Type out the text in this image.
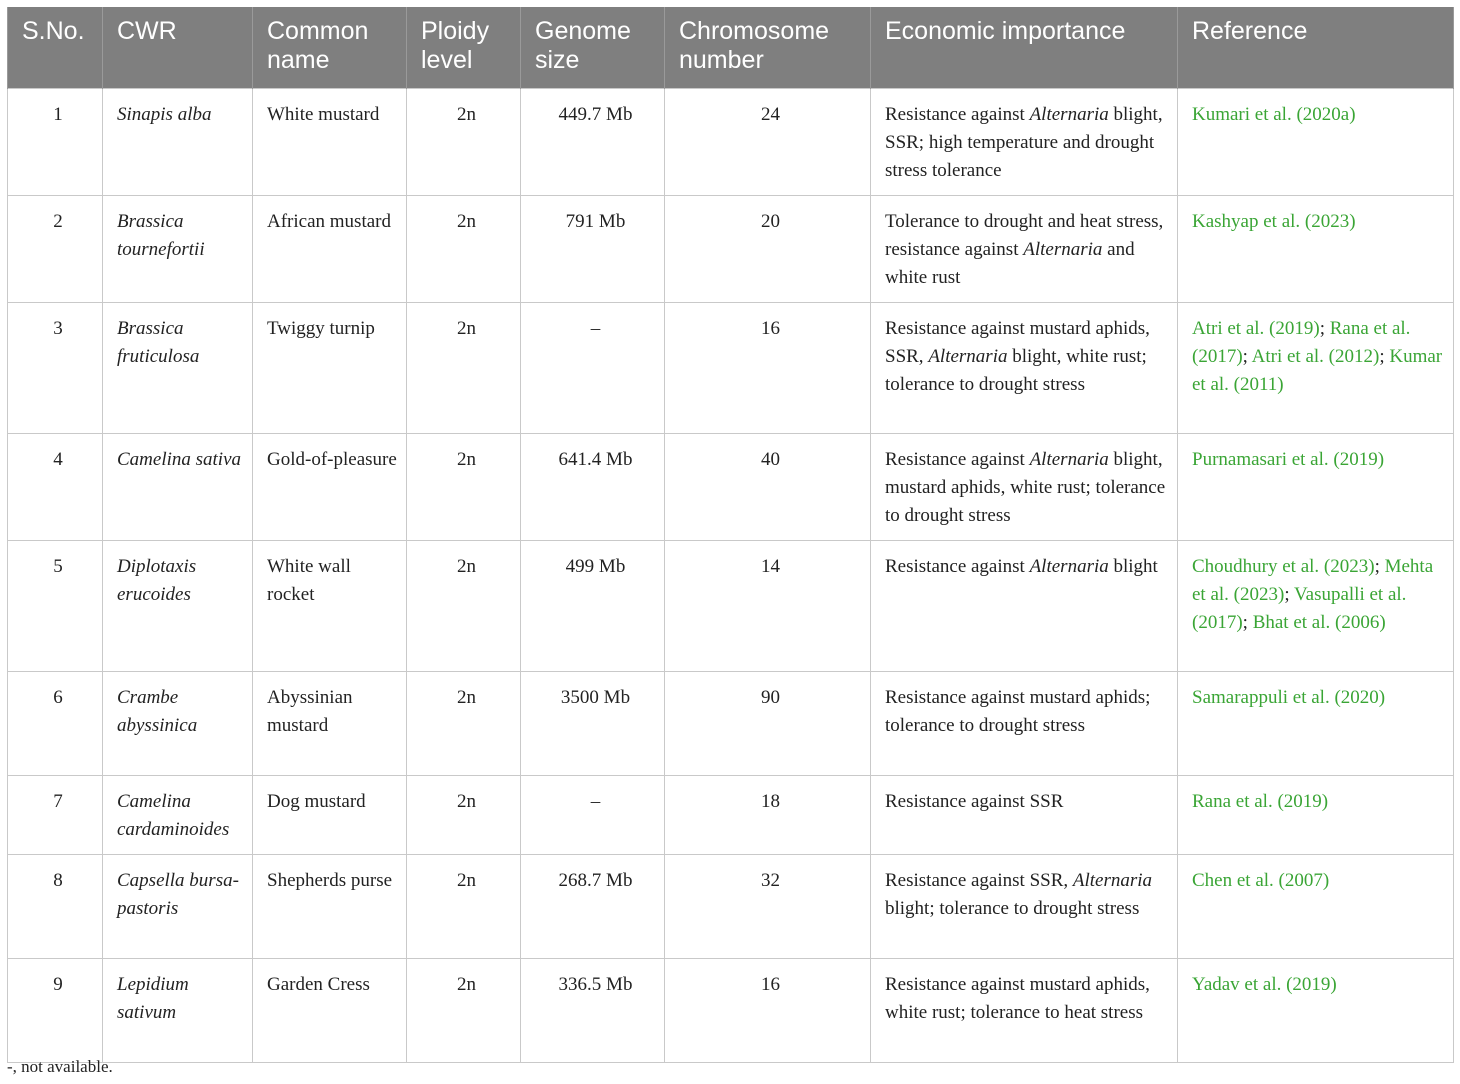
S.No.	CWR	Common name	Ploidy level	Genome size	Chromosome number	Economic importance	Reference
1	Sinapis alba	White mustard	2n	449.7 Mb	24	Resistance against Alternaria blight, SSR; high temperature and drought stress tolerance	Kumari et al. (2020a)
2	Brassica tournefortii	African mustard	2n	791 Mb	20	Tolerance to drought and heat stress, resistance against Alternaria and white rust	Kashyap et al. (2023)
3	Brassica fruticulosa	Twiggy turnip	2n	–	16	Resistance against mustard aphids, SSR, Alternaria blight, white rust; tolerance to drought stress	Atri et al. (2019); Rana et al. (2017); Atri et al. (2012); Kumar et al. (2011)
4	Camelina sativa	Gold-of-pleasure	2n	641.4 Mb	40	Resistance against Alternaria blight, mustard aphids, white rust; tolerance to drought stress	Purnamasari et al. (2019)
5	Diplotaxis erucoides	White wall rocket	2n	499 Mb	14	Resistance against Alternaria blight	Choudhury et al. (2023); Mehta et al. (2023); Vasupalli et al. (2017); Bhat et al. (2006)
6	Crambe abyssinica	Abyssinian mustard	2n	3500 Mb	90	Resistance against mustard aphids; tolerance to drought stress	Samarappuli et al. (2020)
7	Camelina cardaminoides	Dog mustard	2n	–	18	Resistance against SSR	Rana et al. (2019)
8	Capsella bursa-pastoris	Shepherds purse	2n	268.7 Mb	32	Resistance against SSR, Alternaria blight; tolerance to drought stress	Chen et al. (2007)
9	Lepidium sativum	Garden Cress	2n	336.5 Mb	16	Resistance against mustard aphids, white rust; tolerance to heat stress	Yadav et al. (2019)
-, not available.
